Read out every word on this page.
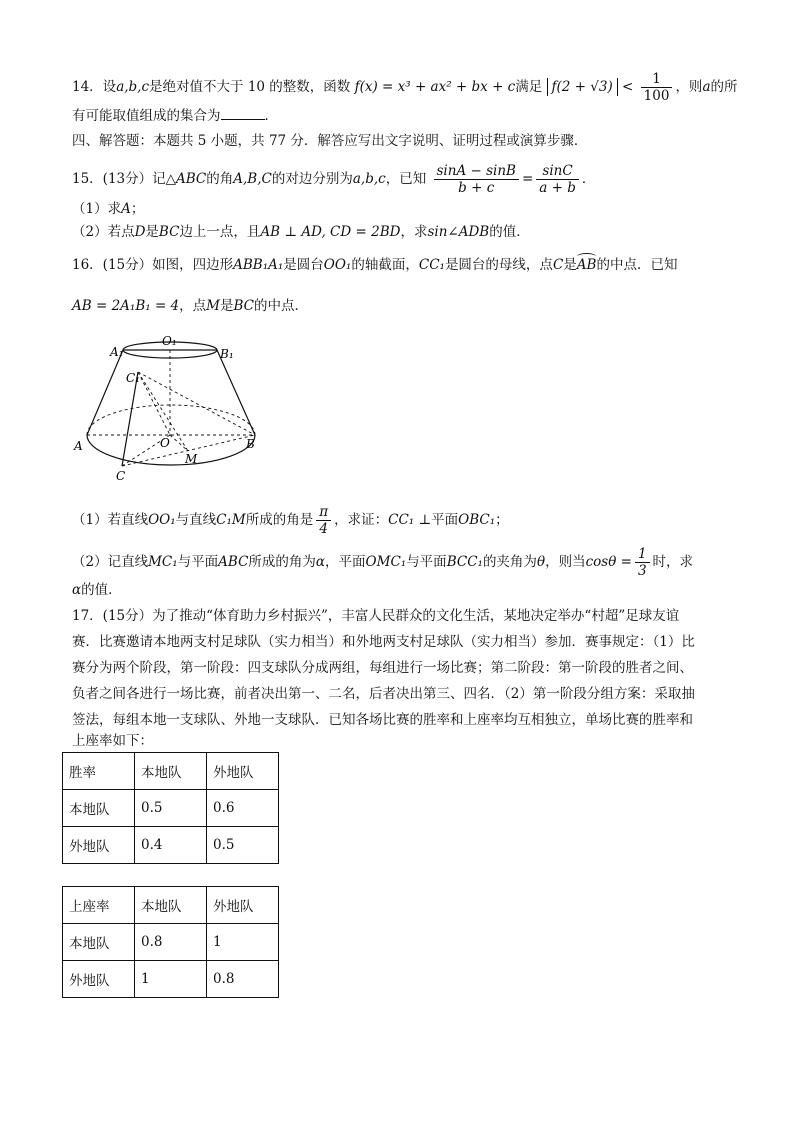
14．设a,b,c是绝对值不大于 10 的整数，函数 f(x) = x³ + ax² + bx + c满足 $f(2 + √3) < \frac{1}{100}$ ，则a的所
有可能取值组成的集合为	．
四、解答题：本题共 5 小题，共 77 分．解答应写出文字说明、证明过程或演算步骤．
15．(13分）记△ABC的角A,B,C的对边分别为a,b,c，已知 $\frac{\sin A - \sin B}{b + c} = \frac{\sin C}{a + b}$ ．
（1）求A；
（2）若点D是BC边上一点，且AB ⊥ AD, CD = 2BD，求sin∠ADB的值．
16．(15分）如图，四边形ABB₁A₁是圆台OO₁的轴截面，CC₁是圆台的母线，点C是
AB的中点．已知
AB = 2A₁B₁ = 4，点M是BC的中点．
A₁
O₁
B₁
C₁
A	O	B
M
C
（1）若直线OO₁与直线C₁M所成的角是 $\frac{\pi}{4}$ ，求证：CC₁ ⊥平面OBC₁；
（2）记直线MC₁与平面ABC所成的角为α，平面OMC₁与平面BCC₁的夹角为θ，则当$\cos\theta = \frac{1}{3}$ 时，求
α的值．
17．(15分）为了推动“体育助力乡村振兴”，丰富人民群众的文化生活，某地决定举办“村超”足球友谊
赛．比赛邀请本地两支村足球队（实力相当）和外地两支村足球队（实力相当）参加．赛事规定：（1）比
赛分为两个阶段，第一阶段：四支球队分成两组，每组进行一场比赛；第二阶段：第一阶段的胜者之间、
负者之间各进行一场比赛，前者决出第一、二名，后者决出第三、四名．（2）第一阶段分组方案：采取抽
签法，每组本地一支球队、外地一支球队．已知各场比赛的胜率和上座率均互相独立，单场比赛的胜率和
上座率如下：
胜率	本地队	外地队
本地队	0.5	0.6
外地队	0.4	0.5
上座率	本地队	外地队
本地队	0.8	1
外地队	1	0.8
